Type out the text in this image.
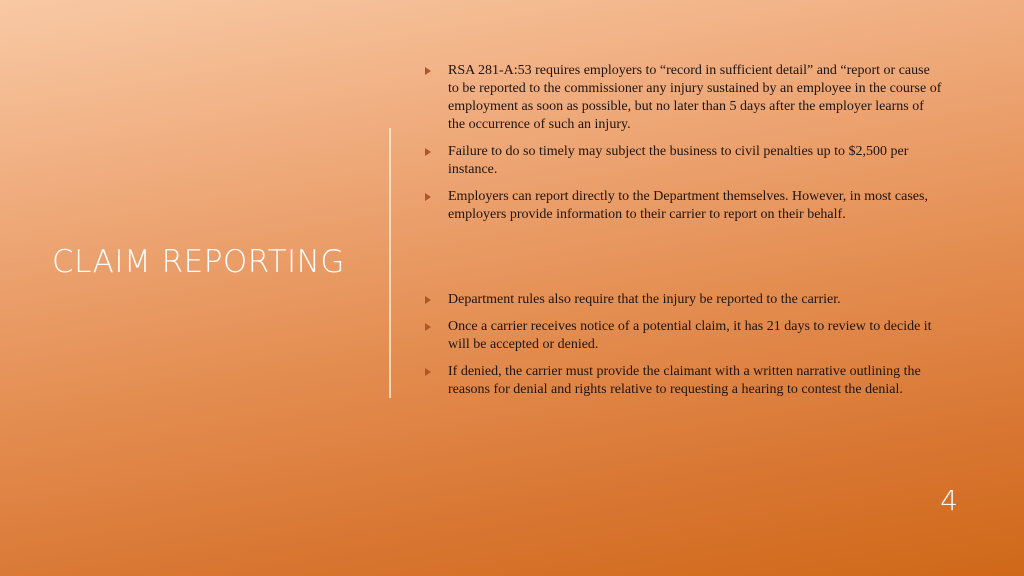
CLAIM REPORTING
RSA 281-A:53 requires employers to “record in sufficient detail” and “report or cause to be reported to the commissioner any injury sustained by an employee in the course of employment as soon as possible, but no later than 5 days after the employer learns of the occurrence of such an injury.
Failure to do so timely may subject the business to civil penalties up to $2,500 per instance.
Employers can report directly to the Department themselves. However, in most cases, employers provide information to their carrier to report on their behalf.
Department rules also require that the injury be reported to the carrier.
Once a carrier receives notice of a potential claim, it has 21 days to review to decide it will be accepted or denied.
If denied, the carrier must provide the claimant with a written narrative outlining the reasons for denial and rights relative to requesting a hearing to contest the denial.
4
